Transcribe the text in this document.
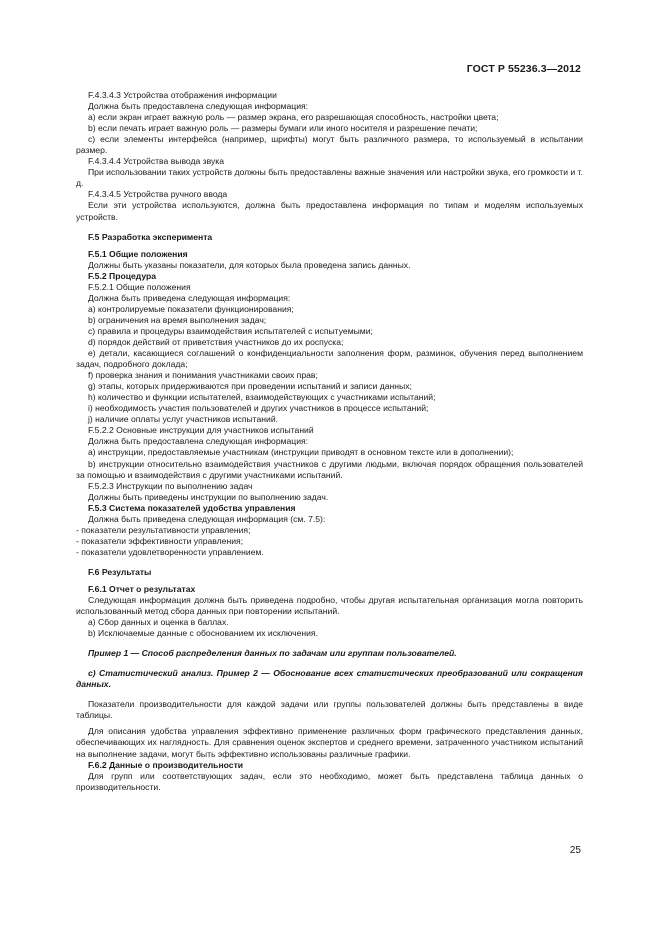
ГОСТ Р 55236.3—2012

F.4.3.4.3 Устройства отображения информации

Должна быть предоставлена следующая информация:

a) если экран играет важную роль — размер экрана, его разрешающая способность, настройки цвета;

b) если печать играет важную роль — размеры бумаги или иного носителя и разрешение печати;

c) если элементы интерфейса (например, шрифты) могут быть различного размера, то используемый в испытании размер.

F.4.3.4.4 Устройства вывода звука

При использовании таких устройств должны быть предоставлены важные значения или настройки звука, его громкости и т. д.

F.4.3.4.5 Устройства ручного ввода

Если эти устройства используются, должна быть предоставлена информация по типам и моделям используемых устройств.

F.5 Разработка эксперимента

F.5.1 Общие положения

Должны быть указаны показатели, для которых была проведена запись данных.

F.5.2 Процедура

F.5.2.1 Общие положения

Должна быть приведена следующая информация:

a) контролируемые показатели функционирования;

b) ограничения на время выполнения задач;

c) правила и процедуры взаимодействия испытателей с испытуемыми;

d) порядок действий от приветствия участников до их роспуска;

e) детали, касающиеся соглашений о конфиденциальности заполнения форм, разминок, обучения перед выполнением задач, подробного доклада;

f) проверка знания и понимания участниками своих прав;

g) этапы, которых придерживаются при проведении испытаний и записи данных;

h) количество и функции испытателей, взаимодействующих с участниками испытаний;

i) необходимость участия пользователей и других участников в процессе испытаний;

j) наличие оплаты услуг участников испытаний.

F.5.2.2 Основные инструкции для участников испытаний

Должна быть предоставлена следующая информация:

a) инструкции, предоставляемые участникам (инструкции приводят в основном тексте или в дополнении);

b) инструкции относительно взаимодействия участников с другими людьми, включая порядок обращения пользователей за помощью и взаимодействия с другими участниками испытаний.

F.5.2.3 Инструкции по выполнению задач

Должны быть приведены инструкции по выполнению задач.

F.5.3 Система показателей удобства управления

Должна быть приведена следующая информация (см. 7.5):

- показатели результативности управления;

- показатели эффективности управления;

- показатели удовлетворенности управлением.

F.6 Результаты

F.6.1 Отчет о результатах

Следующая информация должна быть приведена подробно, чтобы другая испытательная организация могла повторить использованный метод сбора данных при повторении испытаний.

a) Сбор данных и оценка в баллах.

b) Исключаемые данные с обоснованием их исключения.

Пример 1 — Способ распределения данных по задачам или группам пользователей.

c) Статистический анализ. Пример 2 — Обоснование всех статистических преобразований или сокращения данных.

Показатели производительности для каждой задачи или группы пользователей должны быть представлены в виде таблицы.

Для описания удобства управления эффективно применение различных форм графического представления данных, обеспечивающих их наглядность. Для сравнения оценок экспертов и среднего времени, затраченного участником испытаний на выполнение задачи, могут быть эффективно использованы различные графики.

F.6.2 Данные о производительности

Для групп или соответствующих задач, если это необходимо, может быть представлена таблица данных о производительности.

25
